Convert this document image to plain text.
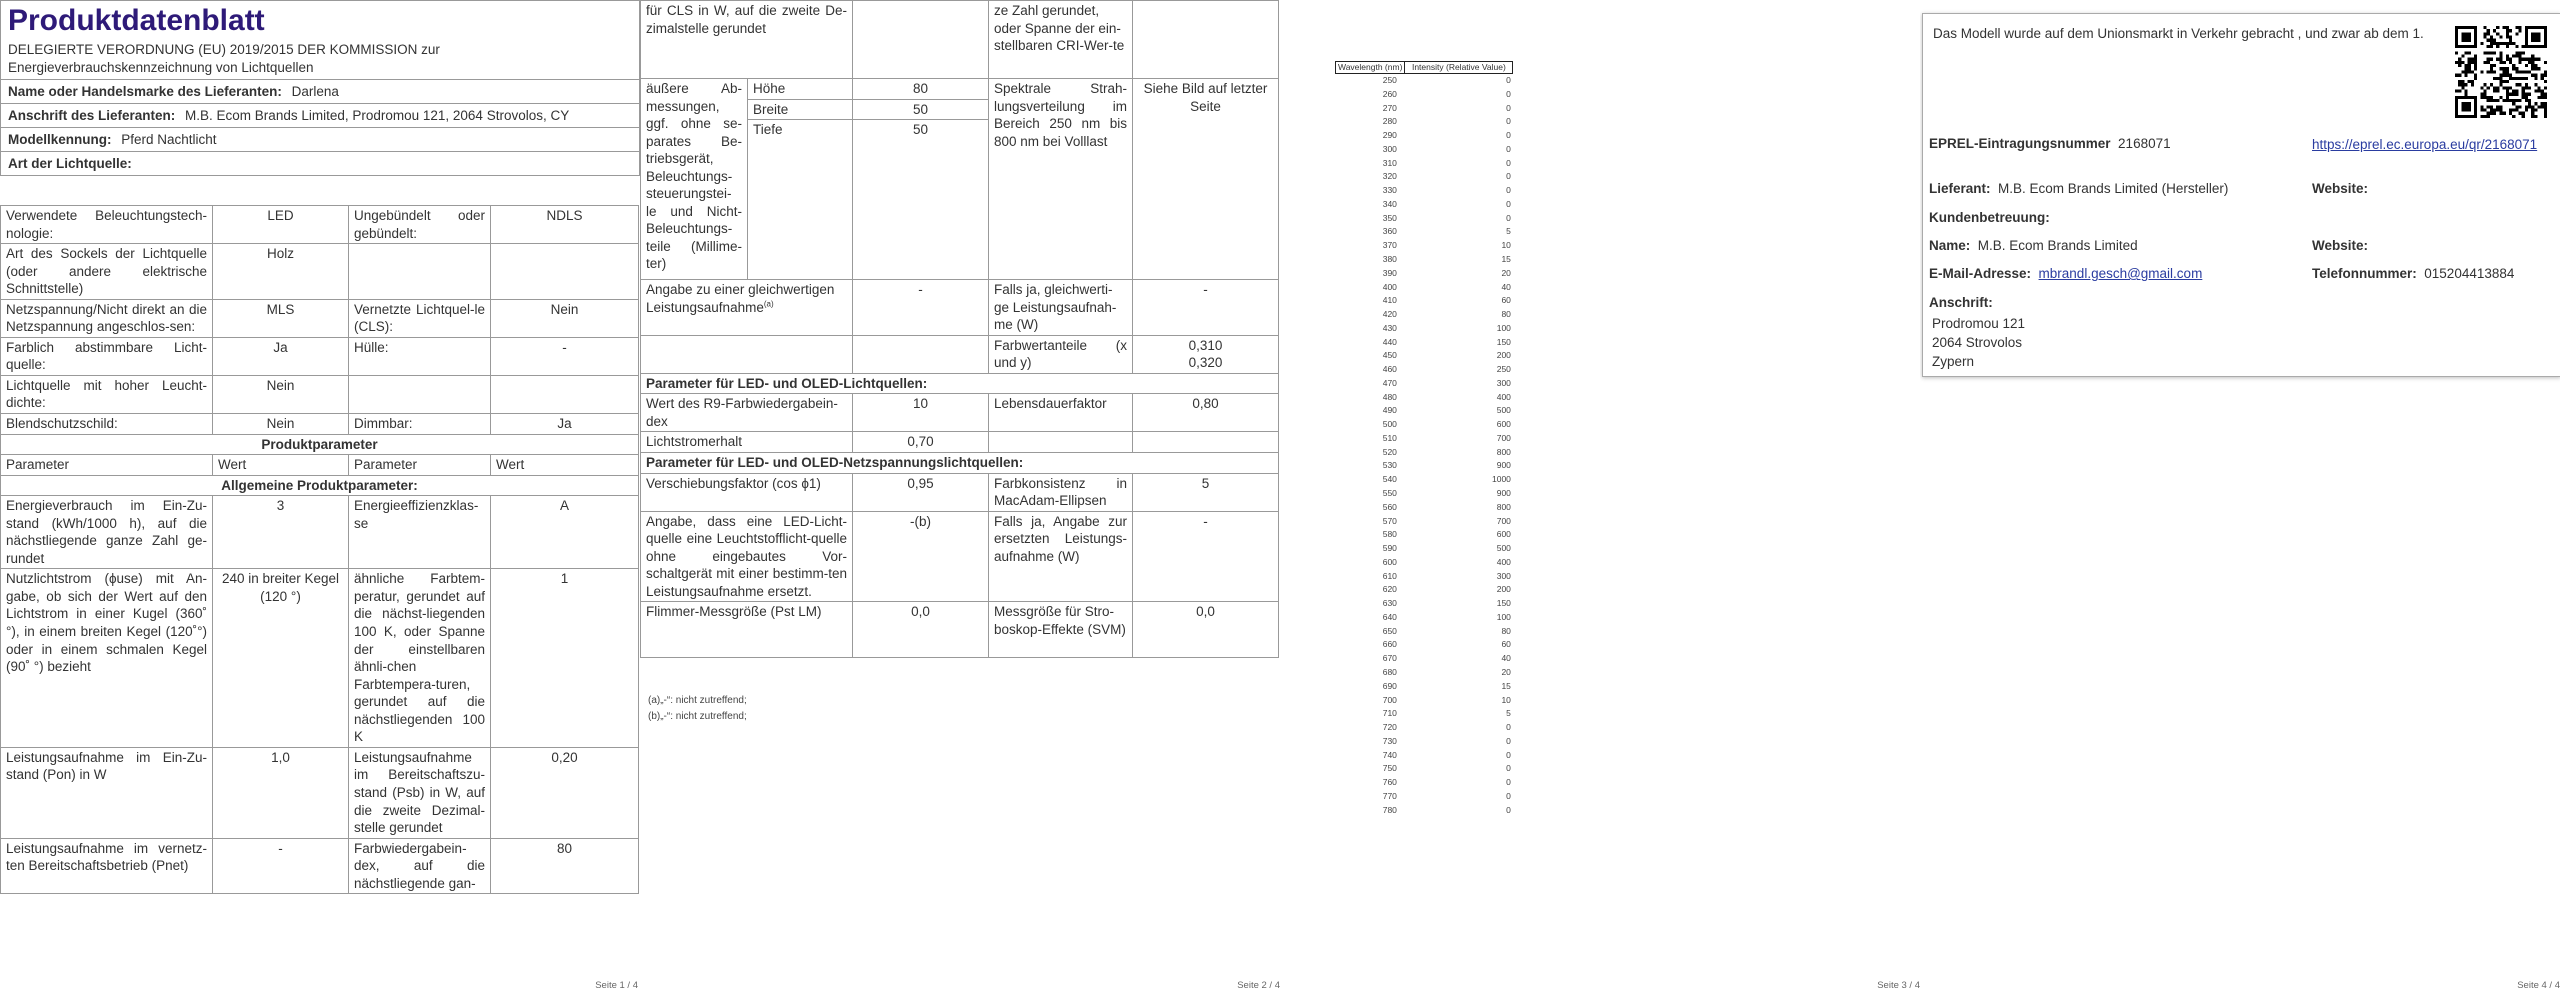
Produktdatenblatt
DELEGIERTE VERORDNUNG (EU) 2019/2015 DER KOMMISSION zur Energieverbrauchskennzeichnung von Lichtquellen
Name oder Handelsmarke des Lieferanten: Darlena
Anschrift des Lieferanten: M.B. Ecom Brands Limited, Prodromou 121, 2064 Strovolos, CY
Modellkennung: Pferd Nachtlicht
Art der Lichtquelle:
Verwendete Beleuchtungstech-nologie:	LED	Ungebündelt oder gebündelt:	NDLS
Art des Sockels der Lichtquelle (oder andere elektrische Schnittstelle)	Holz		
Netzspannung/Nicht direkt an die Netzspannung angeschlos-sen:	MLS	Vernetzte Lichtquel-le (CLS):	Nein
Farblich abstimmbare Licht-quelle:	Ja	Hülle:	-
Lichtquelle mit hoher Leucht-dichte:	Nein		
Blendschutzschild:	Nein	Dimmbar:	Ja
Produktparameter			
Parameter	Wert	Parameter	Wert
Allgemeine Produktparameter:			
Energieverbrauch im Ein-Zu-stand (kWh/1000 h), auf die nächstliegende ganze Zahl ge-rundet	3	Energieeffizienzklas-se	A
Nutzlichtstrom (ϕuse) mit An-gabe, ob sich der Wert auf den Lichtstrom in einer Kugel (360˚ °), in einem breiten Kegel (120˚°) oder in einem schmalen Kegel (90˚ °) bezieht	240 in breiter Kegel (120 °)	ähnliche Farbtem-peratur, gerundet auf die nächst-liegenden 100 K, oder Spanne der einstellbaren ähnli-chen Farbtempera-turen, gerundet auf die nächstliegenden 100 K	1
Leistungsaufnahme im Ein-Zu-stand (Pon) in W	1,0	Leistungsaufnahme im Bereitschaftszu-stand (Psb) in W, auf die zweite Dezimal-stelle gerundet	0,20
Leistungsaufnahme im vernetz-ten Bereitschaftsbetrieb (Pnet)	-	Farbwiedergabein-dex, auf die nächstliegende gan-	80
Seite 1 / 4
für CLS in W, auf die zweite De-zimalstelle gerundet			ze Zahl gerundet, oder Spanne der ein-stellbaren CRI-Wer-te	
äußere Ab-messungen, ggf. ohne se-parates Be-triebsgerät, Beleuchtungs-steuerungstei-le und Nicht-Beleuchtungs-teile (Millime-ter)	Höhe	80	Spektrale Strah-lungsverteilung im Bereich 250 nm bis 800 nm bei Volllast	Siehe Bild auf letzter Seite
	Breite	50		
	Tiefe	50		
Angabe zu einer gleichwertigen Leistungsaufnahme$^{(a)}$		-	Falls ja, gleichwerti-ge Leistungsaufnah-me (W)	-
			Farbwertanteile (x und y)	0,310
0,320
Parameter für LED- und OLED-Lichtquellen:				
Wert des R9-Farbwiedergabein-dex		10	Lebensdauerfaktor	0,80
Lichtstromerhalt		0,70		
Parameter für LED- und OLED-Netzspannungslichtquellen:				
Verschiebungsfaktor (cos ϕ1)		0,95	Farbkonsistenz in MacAdam-Ellipsen	5
Angabe, dass eine LED-Licht-quelle eine Leuchtstofflicht-quelle ohne eingebautes Vor-schaltgerät mit einer bestimm-ten Leistungsaufnahme ersetzt.		-(b)	Falls ja, Angabe zur ersetzten Leistungs-aufnahme (W)	-
Flimmer-Messgröße (Pst LM)		0,0	Messgröße für Stro-boskop-Effekte (SVM)	0,0
(a)„-“: nicht zutreffend;
(b)„-“: nicht zutreffend;
Seite 2 / 4
Wavelength (nm)	Intensity (Relative Value)
250	0
260	0
270	0
280	0
290	0
300	0
310	0
320	0
330	0
340	0
350	0
360	5
370	10
380	15
390	20
400	40
410	60
420	80
430	100
440	150
450	200
460	250
470	300
480	400
490	500
500	600
510	700
520	800
530	900
540	1000
550	900
560	800
570	700
580	600
590	500
600	400
610	300
620	200
630	150
640	100
650	80
660	60
670	40
680	20
690	15
700	10
710	5
720	0
730	0
740	0
750	0
760	0
770	0
780	0
Seite 3 / 4
Das Modell wurde auf dem Unionsmarkt in Verkehr gebracht , und zwar ab dem 1.
EPREL-Eintragungsnummer 2168071	https://eprel.ec.europa.eu/qr/2168071
Lieferant: M.B. Ecom Brands Limited (Hersteller)	Website:
Kundenbetreuung:
Name: M.B. Ecom Brands Limited	Website:
E-Mail-Adresse: mbrandl.gesch@gmail.com	Telefonnummer: 015204413884
Anschrift:
Prodromou 121
2064 Strovolos
Zypern
Seite 4 / 4
